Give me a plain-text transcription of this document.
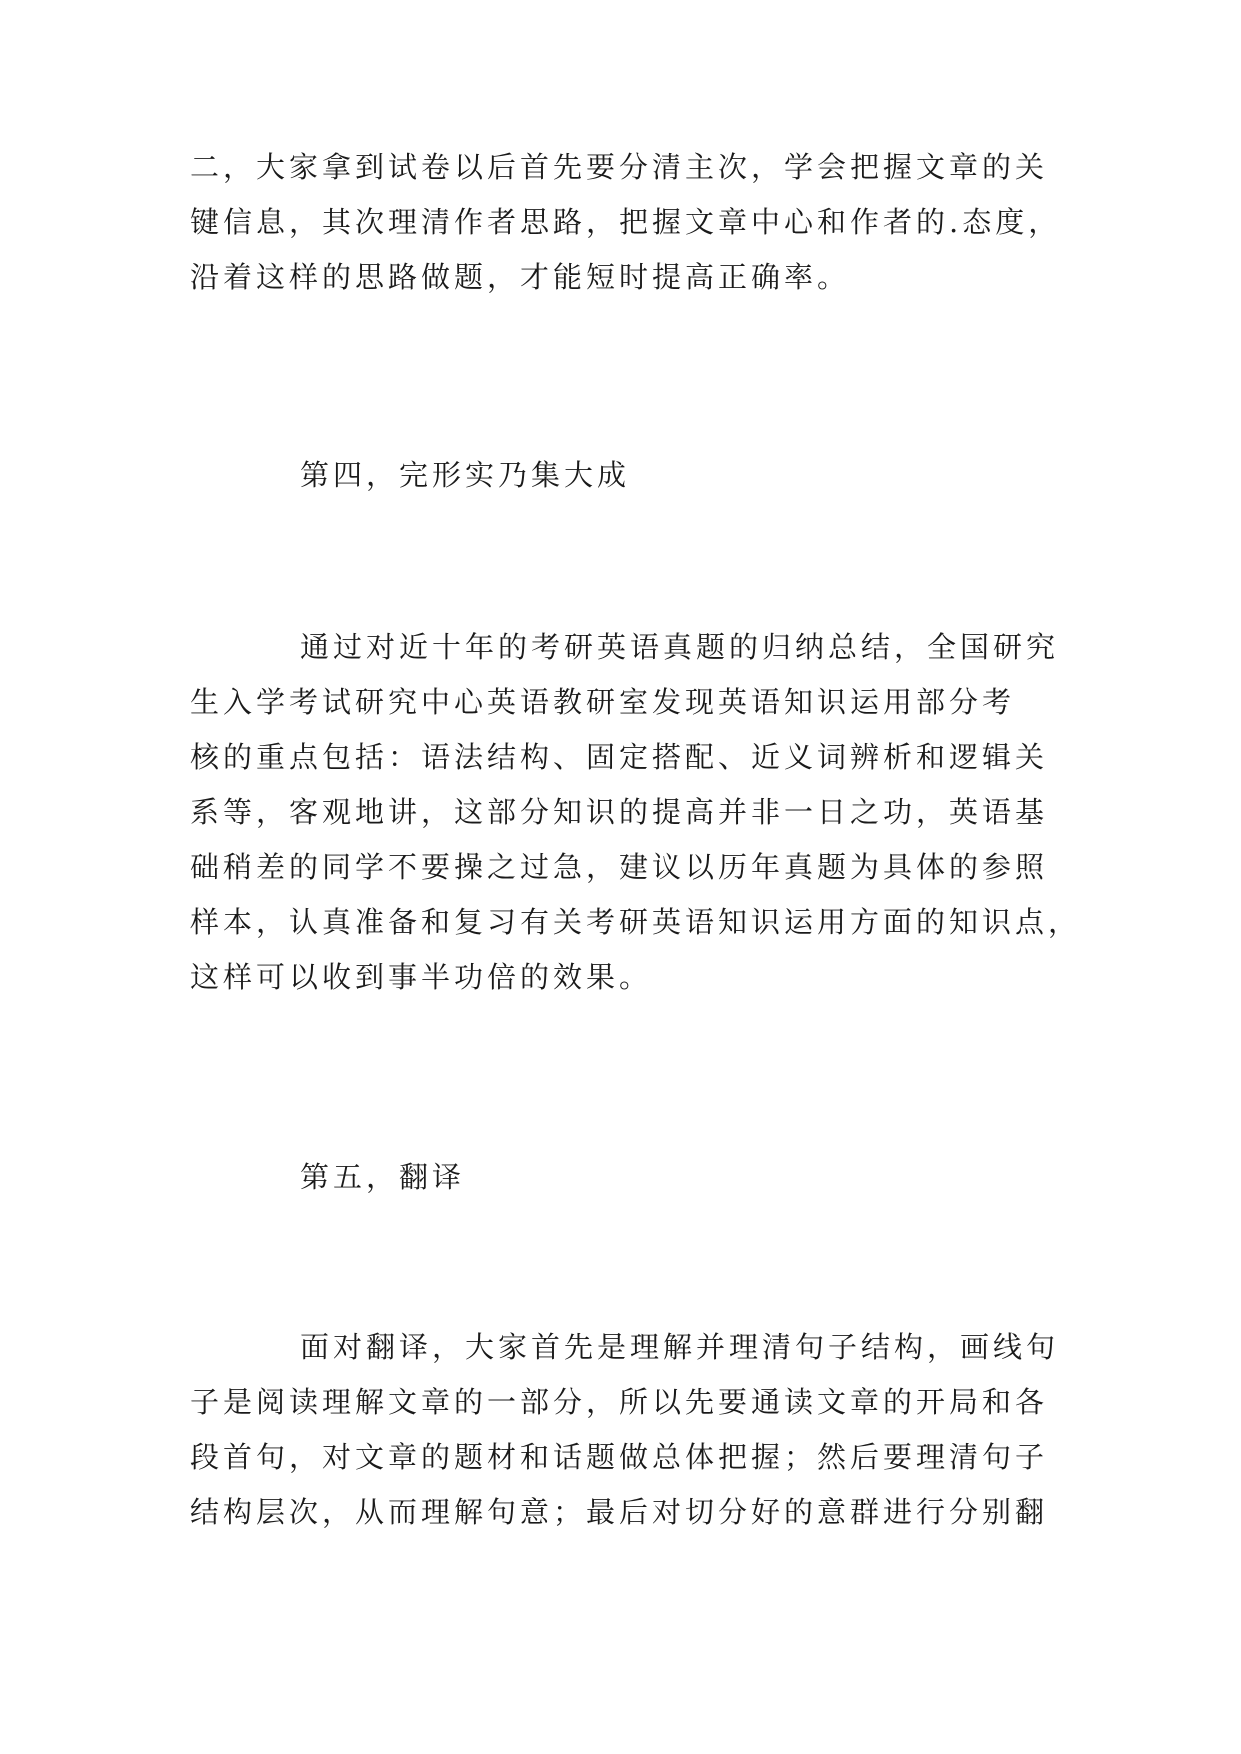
二，大家拿到试卷以后首先要分清主次，学会把握文章的关
键信息，其次理清作者思路，把握文章中心和作者的.态度，
沿着这样的思路做题，才能短时提高正确率。
第四，完形实乃集大成
通过对近十年的考研英语真题的归纳总结，全国研究
生入学考试研究中心英语教研室发现英语知识运用部分考
核的重点包括：语法结构、固定搭配、近义词辨析和逻辑关
系等，客观地讲，这部分知识的提高并非一日之功，英语基
础稍差的同学不要操之过急，建议以历年真题为具体的参照
样本，认真准备和复习有关考研英语知识运用方面的知识点，
这样可以收到事半功倍的效果。
第五，翻译
面对翻译，大家首先是理解并理清句子结构，画线句
子是阅读理解文章的一部分，所以先要通读文章的开局和各
段首句，对文章的题材和话题做总体把握；然后要理清句子
结构层次，从而理解句意；最后对切分好的意群进行分别翻
